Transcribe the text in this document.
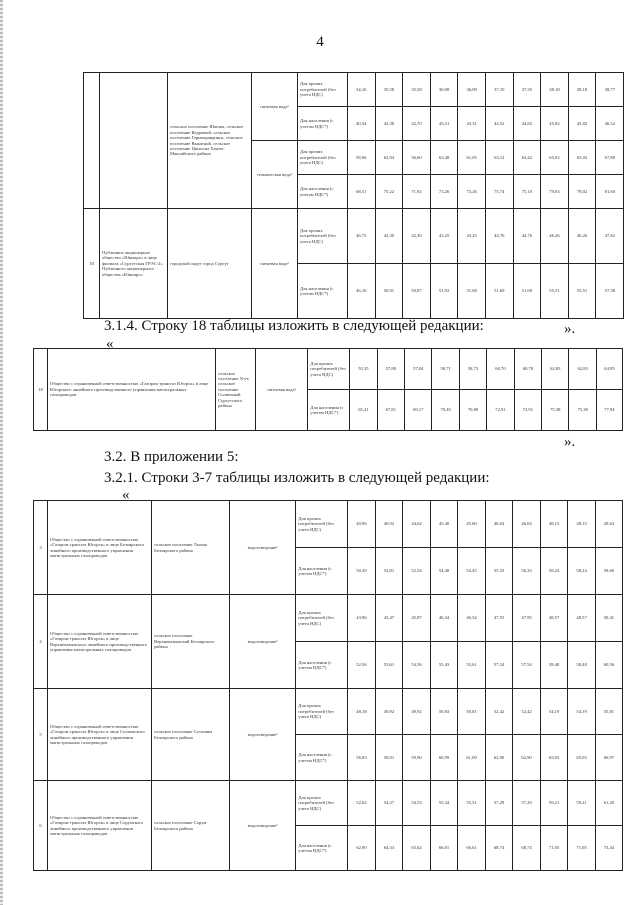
4
		сельское поселение Шапша, сельское поселение Кедровый, сельское поселение Горноправдинск, сельское поселение Выкатной, сельское поселение Цингалы Ханты-Мансийского района	питьевая вода¹	Для прочих потребителей (без учета НДС)	34,16	35,58	35,58	36,08	36,09	37,10	37,35	38,18	38,18	38,77
				Для населения (с учетом НДС*)	40,54	42,38	42,70	43,31	43,31	44,52	44,82	45,82	45,82	46,52
			техническая вода¹	Для прочих потребителей (без учета НДС)	58,06	62,94	56,60	63,48	61,05	63,12	63,42	65,02	65,02	67,80
				Для населения (с учетом НДС*)	68,51	75,22	71,92	73,26	73,26	75,74	75,10	79,03	78,02	81,60
18	Публичное акционерное общество «Юнипро» в лице филиала «Сургутская ГРЭС-2» Публичного акционерного общества «Юнипро»	городской округ город Сургут	питьевая вода¹	Для прочих потребителей (без учета НДС)	46,75	42,30	42,30	43,25	43,25	44,76	44,76	46,26	46,26	47,82
				Для населения (с учетом НДС*)	46,10	50,01	50,87	51,92	51,68	51,69	51,69	55,51	55,51	57,38
».
3.1.4. Строку 18 таблицы изложить в следующей редакции:
«
18	Общество с ограниченной ответственностью «Газпром трансгаз Югорск» в лице Югорского линейного производственного управления магистральных газопроводов	сельское поселение Угут, сельское поселение Солнечный Сургутского района	питьевая вода¹	Для прочих потребителей (без учета НДС)	55,35	57,80	57,04	58,71	58,73	60,70	60,78	62,83	62,83	64,95
				Для населения (с учетом НДС*)	65,41	67,81	69,17	70,45	70,80	72,91	72,91	75,38	75,38	77,94
».
3.2. В приложении 5:
3.2.1. Строки 3-7 таблицы изложить в следующей редакции:
«
3	Общество с ограниченной ответственностью «Газпром трансгаз Югорск» в лице Белоярского линейного производственного управления магистральных газопроводов	сельское поселение Лыхма Белоярского района	водоотведение¹	Для прочих потребителей (без учета НДС)	40,96	40,92	44,62	45,40	45,60	46,04	46,04	48,15	48,15	49,63
				Для населения (с учетом НДС*)	50,49	52,81	52,54	54,48	54,45	55,33	56,33	58,24	58,24	59,60
4	Общество с ограниченной ответственностью «Газпром трансгаз Югорск» в лице Верхнеказымского линейного производственного управления магистральных газопроводов	сельское поселение Верхнеказымский Белоярского района	водоотведение¹	Для прочих потребителей (без учета НДС)	43,96	45,47	45,87	46,34	46,34	47,55	47,95	48,57	48,57	50,41
				Для населения (с учетом НДС*)	52,56	53,61	54,56	55,43	55,61	57,34	57,54	58,48	58,48	60,56
5	Общество с ограниченной ответственностью «Газпром трансгаз Югорск» в лице Сосновского линейного производственного управления магистральных газопроводов	сельское поселение Сосновка Белоярского района	водоотведение¹	Для прочих потребителей (без учета НДС)	48,18	49,92	49,92	50,83	50,81	52,42	52,42	54,19	54,19	55,81
				Для населения (с учетом НДС*)	56,83	58,91	59,90	60,99	61,09	62,90	62,90	65,03	65,03	66,97
6	Общество с ограниченной ответственностью «Газпром трансгаз Югорск» в лице Сорумского линейного производственного управления магистральных газопроводов	сельское поселение Сорум Белоярского района	водоотведение¹	Для прочих потребителей (без учета НДС)	52,62	54,37	54,53	55,34	55,51	57,29	57,29	59,21	59,21	61,20
				Для населения (с учетом НДС*)	62,90	64,33	65,62	66,01	66,61	68,74	68,74	71,05	71,05	73,44
